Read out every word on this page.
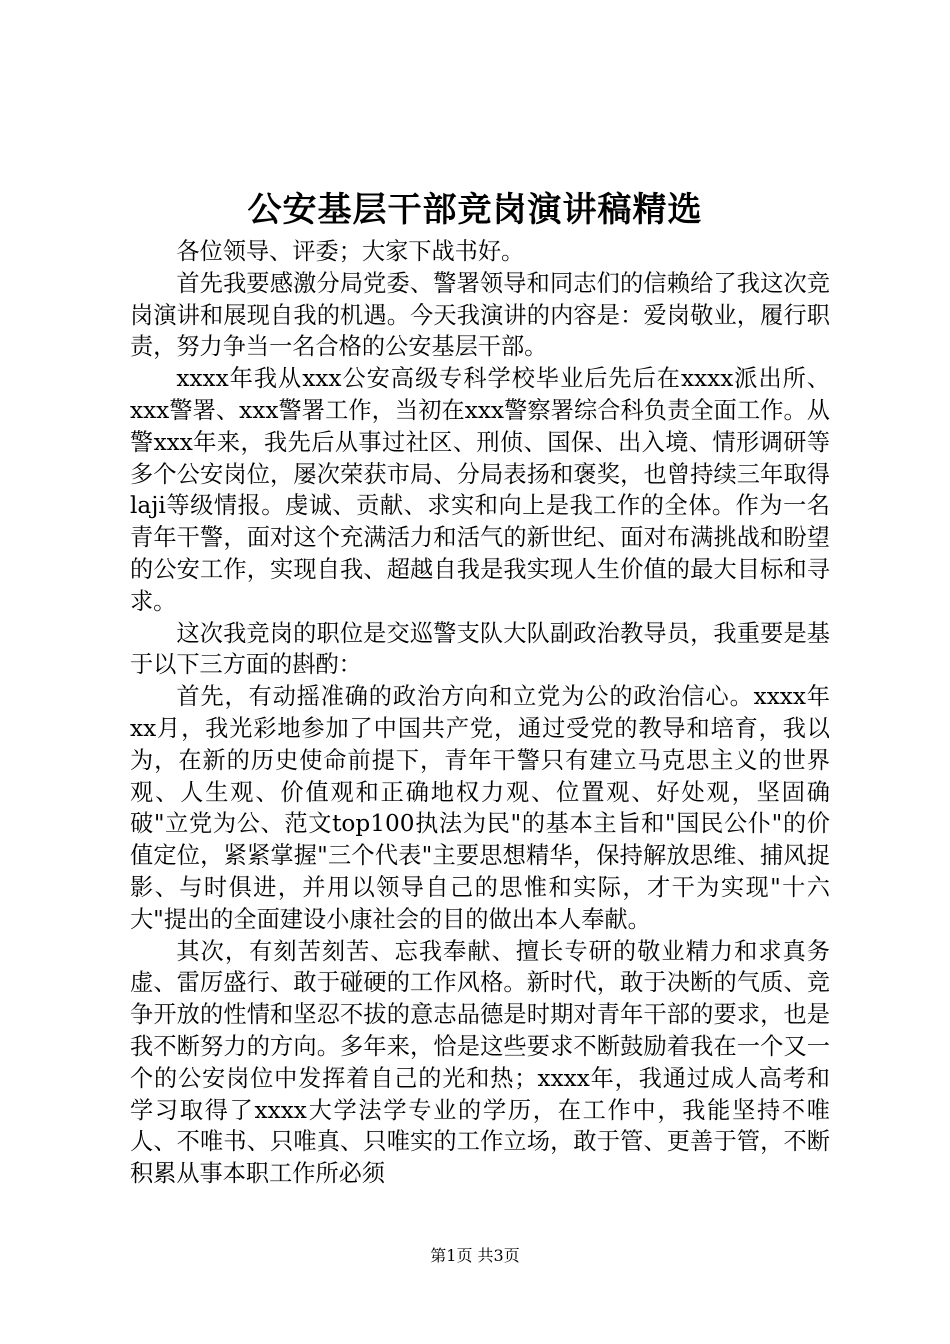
公安基层干部竞岗演讲稿精选

各位领导、评委；大家下战书好。

首先我要感激分局党委、警署领导和同志们的信赖给了我这次竞岗演讲和展现自我的机遇。今天我演讲的内容是：爱岗敬业，履行职责，努力争当一名合格的公安基层干部。

xxxx年我从xxx公安高级专科学校毕业后先后在xxxx派出所、xxx警署、xxx警署工作，当初在xxx警察署综合科负责全面工作。从警xxx年来，我先后从事过社区、刑侦、国保、出入境、情形调研等多个公安岗位，屡次荣获市局、分局表扬和褒奖，也曾持续三年取得laji等级情报。虔诚、贡献、求实和向上是我工作的全体。作为一名青年干警，面对这个充满活力和活气的新世纪、面对布满挑战和盼望的公安工作，实现自我、超越自我是我实现人生价值的最大目标和寻求。

这次我竞岗的职位是交巡警支队大队副政治教导员，我重要是基于以下三方面的斟酌：

首先，有动摇准确的政治方向和立党为公的政治信心。xxxx年xx月，我光彩地参加了中国共产党，通过受党的教导和培育，我以为，在新的历史使命前提下，青年干警只有建立马克思主义的世界观、人生观、价值观和正确地权力观、位置观、好处观，坚固确破"立党为公、范文top100执法为民"的基本主旨和"国民公仆"的价值定位，紧紧掌握"三个代表"主要思想精华，保持解放思维、捕风捉影、与时俱进，并用以领导自己的思惟和实际，才干为实现"十六大"提出的全面建设小康社会的目的做出本人奉献。

其次，有刻苦刻苦、忘我奉献、擅长专研的敬业精力和求真务虚、雷厉盛行、敢于碰硬的工作风格。新时代，敢于决断的气质、竞争开放的性情和坚忍不拔的意志品德是时期对青年干部的要求，也是我不断努力的方向。多年来，恰是这些要求不断鼓励着我在一个又一个的公安岗位中发挥着自己的光和热；xxxx年，我通过成人高考和学习取得了xxxx大学法学专业的学历，在工作中，我能坚持不唯人、不唯书、只唯真、只唯实的工作立场，敢于管、更善于管，不断积累从事本职工作所必须

第1页 共3页
